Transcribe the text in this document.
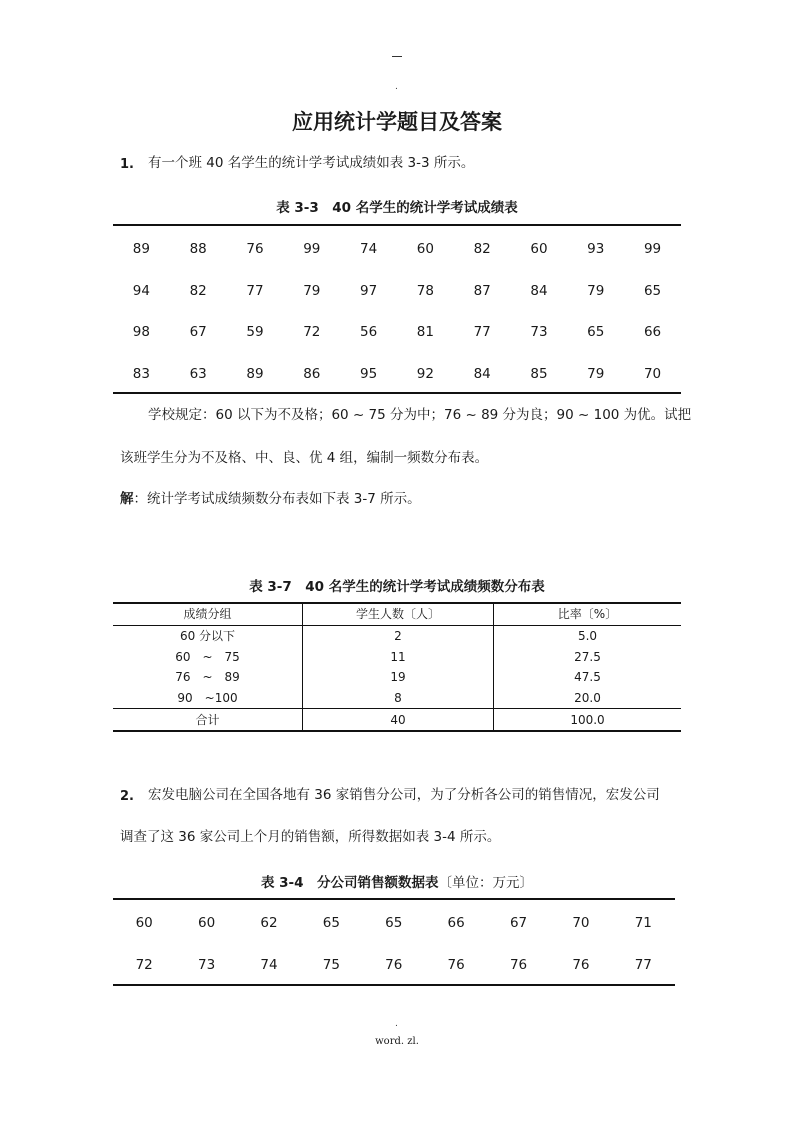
.
应用统计学题目及答案
1. 有一个班 40 名学生的统计学考试成绩如表 3-3 所示。
表 3-3　40 名学生的统计学考试成绩表
89	88	76	99	74	60	82	60	93	99
94	82	77	79	97	78	87	84	79	65
98	67	59	72	56	81	77	73	65	66
83	63	89	86	95	92	84	85	79	70
学校规定：60 以下为不及格；60 ~ 75 分为中；76 ~ 89 分为良；90 ~ 100 为优。试把
该班学生分为不及格、中、良、优 4 组，编制一频数分布表。
解：统计学考试成绩频数分布表如下表 3-7 所示。
表 3-7　40 名学生的统计学考试成绩频数分布表
成绩分组	学生人数〔人〕	比率〔%〕
60 分以下	2	5.0
60　~　75	11	27.5
76　~　89	19	47.5
90　~100	8	20.0
合计	40	100.0
2. 宏发电脑公司在全国各地有 36 家销售分公司，为了分析各公司的销售情况，宏发公司
调查了这 36 家公司上个月的销售额，所得数据如表 3-4 所示。
表 3-4　分公司销售额数据表〔单位：万元〕
60	60	62	65	65	66	67	70	71
72	73	74	75	76	76	76	76	77
.
word. zl.
